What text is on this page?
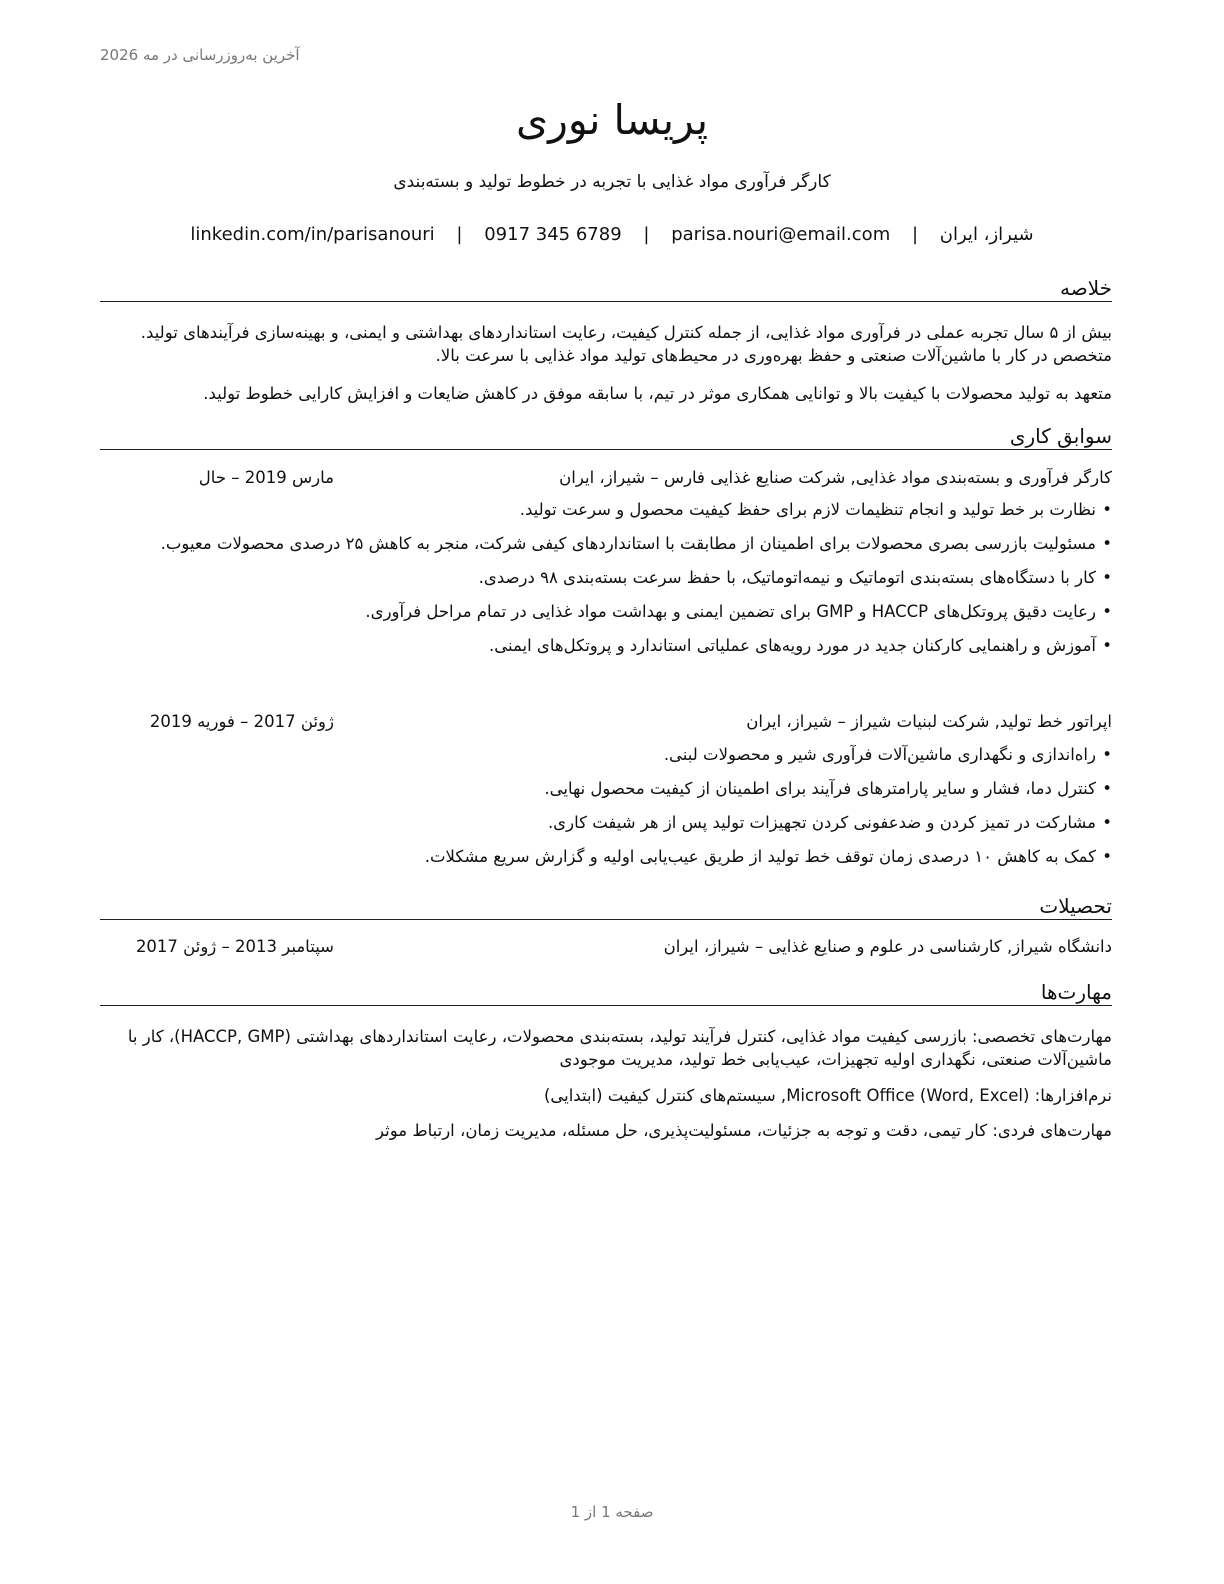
آخرین به‌روزرسانی در مه 2026
پریسا نوری
کارگر فرآوری مواد غذایی با تجربه در خطوط تولید و بسته‌بندی
شیراز، ایران | parisa.nouri@email.com | 0917 345 6789 | linkedin.com/in/parisanouri
خلاصه
بیش از ۵ سال تجربه عملی در فرآوری مواد غذایی، از جمله کنترل کیفیت، رعایت استانداردهای بهداشتی و ایمنی، و بهینه‌سازی فرآیندهای تولید. متخصص در کار با ماشین‌آلات صنعتی و حفظ بهره‌وری در محیط‌های تولید مواد غذایی با سرعت بالا.
متعهد به تولید محصولات با کیفیت بالا و توانایی همکاری موثر در تیم، با سابقه موفق در کاهش ضایعات و افزایش کارایی خطوط تولید.
سوابق کاری
کارگر فرآوری و بسته‌بندی مواد غذایی, شرکت صنایع غذایی فارس – شیراز، ایران
مارس 2019 – حال
• نظارت بر خط تولید و انجام تنظیمات لازم برای حفظ کیفیت محصول و سرعت تولید.
• مسئولیت بازرسی بصری محصولات برای اطمینان از مطابقت با استانداردهای کیفی شرکت، منجر به کاهش ۲۵ درصدی محصولات معیوب.
• کار با دستگاه‌های بسته‌بندی اتوماتیک و نیمه‌اتوماتیک، با حفظ سرعت بسته‌بندی ۹۸ درصدی.
• رعایت دقیق پروتکل‌های HACCP و GMP برای تضمین ایمنی و بهداشت مواد غذایی در تمام مراحل فرآوری.
• آموزش و راهنمایی کارکنان جدید در مورد رویه‌های عملیاتی استاندارد و پروتکل‌های ایمنی.
اپراتور خط تولید, شرکت لبنیات شیراز – شیراز، ایران
ژوئن 2017 – فوریه 2019
• راه‌اندازی و نگهداری ماشین‌آلات فرآوری شیر و محصولات لبنی.
• کنترل دما، فشار و سایر پارامترهای فرآیند برای اطمینان از کیفیت محصول نهایی.
• مشارکت در تمیز کردن و ضدعفونی کردن تجهیزات تولید پس از هر شیفت کاری.
• کمک به کاهش ۱۰ درصدی زمان توقف خط تولید از طریق عیب‌یابی اولیه و گزارش سریع مشکلات.
تحصیلات
دانشگاه شیراز, کارشناسی در علوم و صنایع غذایی – شیراز، ایران
سپتامبر 2013 – ژوئن 2017
مهارت‌ها
مهارت‌های تخصصی: بازرسی کیفیت مواد غذایی، کنترل فرآیند تولید، بسته‌بندی محصولات، رعایت استانداردهای بهداشتی (HACCP, GMP)، کار با ماشین‌آلات صنعتی، نگهداری اولیه تجهیزات، عیب‌یابی خط تولید، مدیریت موجودی
نرم‌افزارها: Microsoft Office (Word, Excel), سیستم‌های کنترل کیفیت (ابتدایی)
مهارت‌های فردی: کار تیمی، دقت و توجه به جزئیات، مسئولیت‌پذیری، حل مسئله، مدیریت زمان، ارتباط موثر
صفحه 1 از 1
